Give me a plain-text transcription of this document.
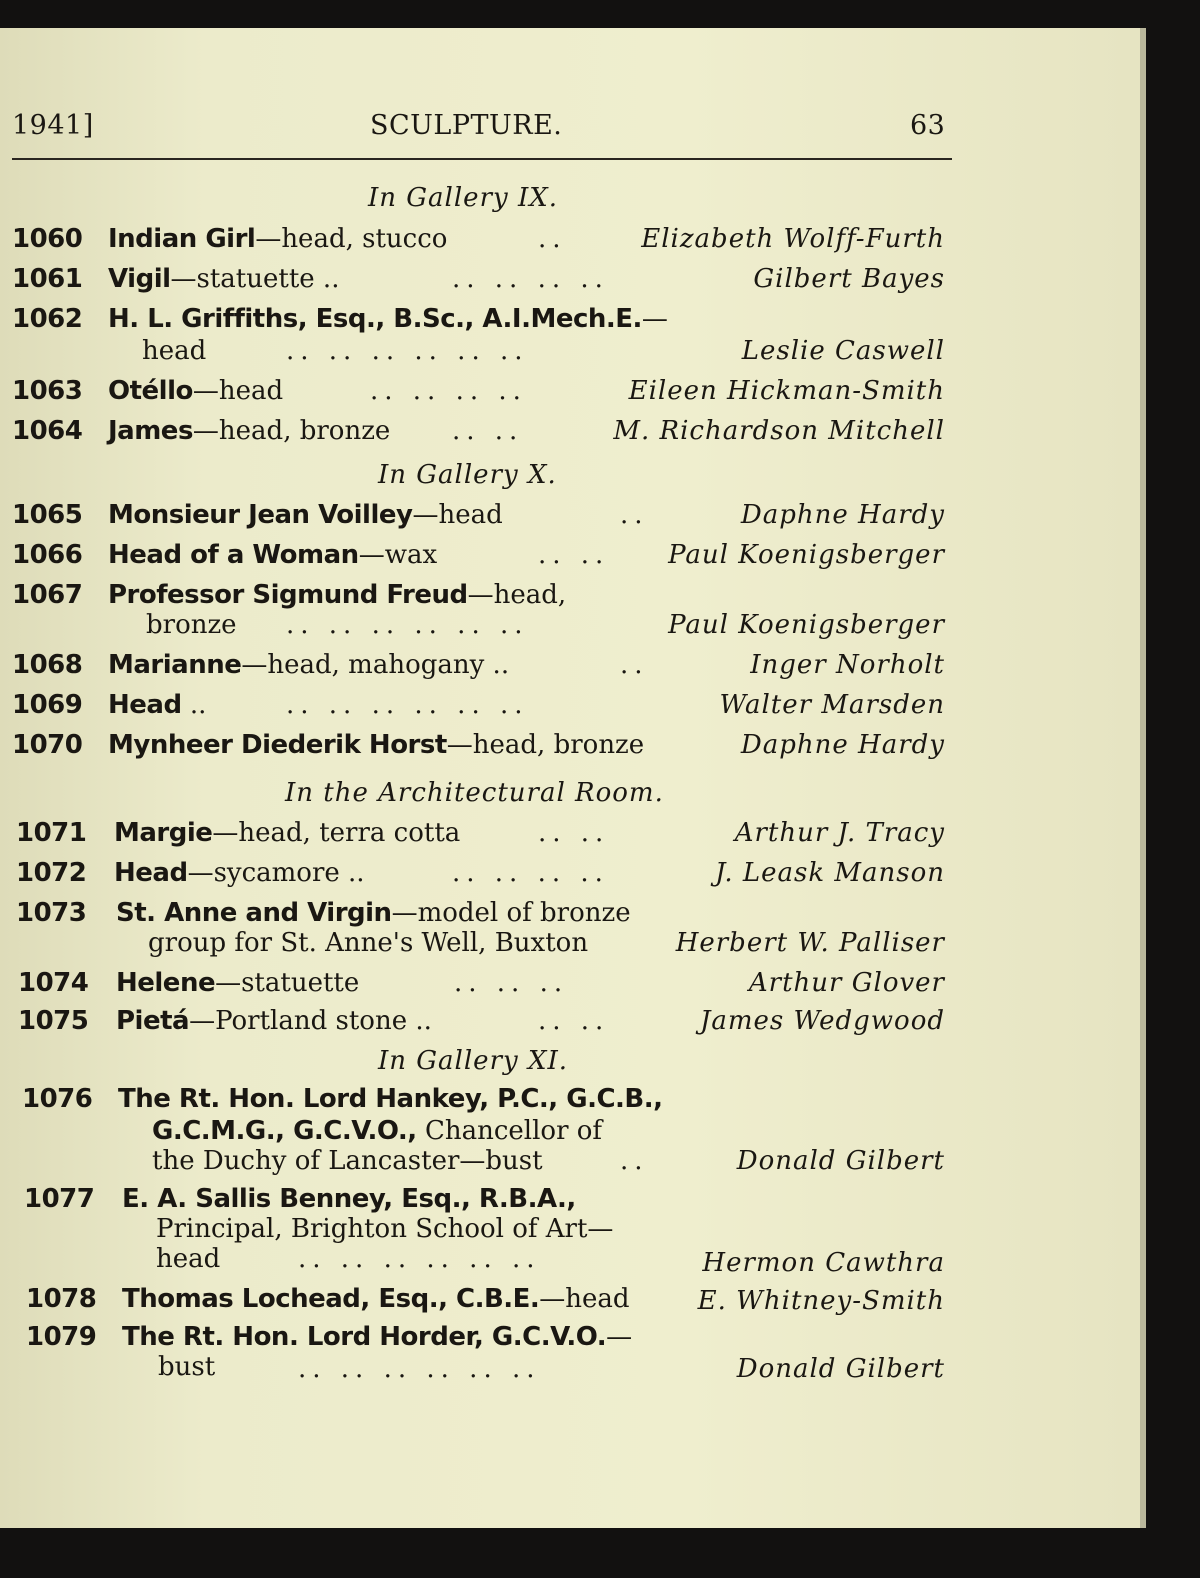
1941]	SCULPTURE.	63
In Gallery IX.
1060 Indian Girl—head, stucco	..	Elizabeth Wolff-Furth
1061 Vigil—statuette ..	.. .. .. ..	Gilbert Bayes
1062 H. L. Griffiths, Esq., B.Sc., A.I.Mech.E.—
head	.. .. .. .. .. ..	Leslie Caswell
1063 Otéllo—head	.. .. .. ..	Eileen Hickman-Smith
1064 James—head, bronze .. ..	M. Richardson Mitchell
In Gallery X.
1065 Monsieur Jean Voilley—head	..	Daphne Hardy
1066 Head of a Woman—wax	.. .. Paul Koenigsberger
1067 Professor Sigmund Freud—head,
bronze .. .. .. .. .. ..	Paul Koenigsberger
1068 Marianne—head, mahogany ..	..	Inger Norholt
1069 Head ..	.. .. .. .. .. ..	Walter Marsden
1070 Mynheer Diederik Horst—head, bronze	Daphne Hardy
In the Architectural Room.
1071 Margie—head, terra cotta	.. ..	Arthur J. Tracy
1072 Head—sycamore ..	.. .. .. ..	J. Leask Manson
1073 St. Anne and Virgin—model of bronze
group for St. Anne's Well, Buxton	Herbert W. Palliser
1074 Helene—statuette	.. .. ..	Arthur Glover
1075 Pietá—Portland stone ..	.. ..	James Wedgwood
In Gallery XI.
1076 The Rt. Hon. Lord Hankey, P.C., G.C.B.,
G.C.M.G., G.C.V.O., Chancellor of
the Duchy of Lancaster—bust	..	Donald Gilbert
1077 E. A. Sallis Benney, Esq., R.B.A.,
Principal, Brighton School of Art—
head	.. .. .. .. .. ..	Hermon Cawthra
1078 Thomas Lochead, Esq., C.B.E.—head	E. Whitney-Smith
1079 The Rt. Hon. Lord Horder, G.C.V.O.—
bust	.. .. .. .. .. ..	Donald Gilbert
